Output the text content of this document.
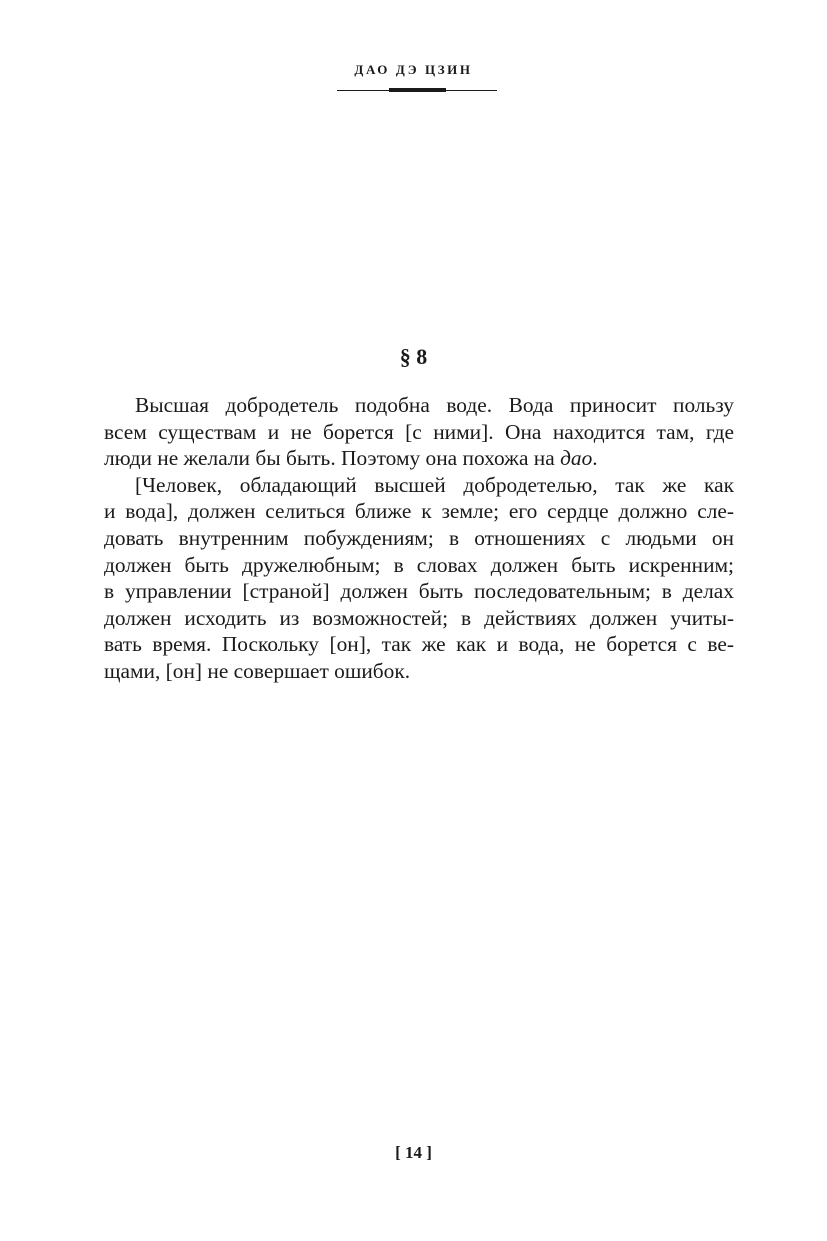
ДАО ДЭ ЦЗИН
§ 8
Высшая добродетель подобна воде. Вода приносит пользу
всем существам и не борется [с ними]. Она находится там, где
люди не желали бы быть. Поэтому она похожа на дао.
[Человек, обладающий высшей добродетелью, так же как
и вода], должен селиться ближе к земле; его сердце должно сле-
довать внутренним побуждениям; в отношениях с людьми он
должен быть дружелюбным; в словах должен быть искренним;
в управлении [страной] должен быть последовательным; в делах
должен исходить из возможностей; в действиях должен учиты-
вать время. Поскольку [он], так же как и вода, не борется с ве-
щами, [он] не совершает ошибок.
[ 14 ]
